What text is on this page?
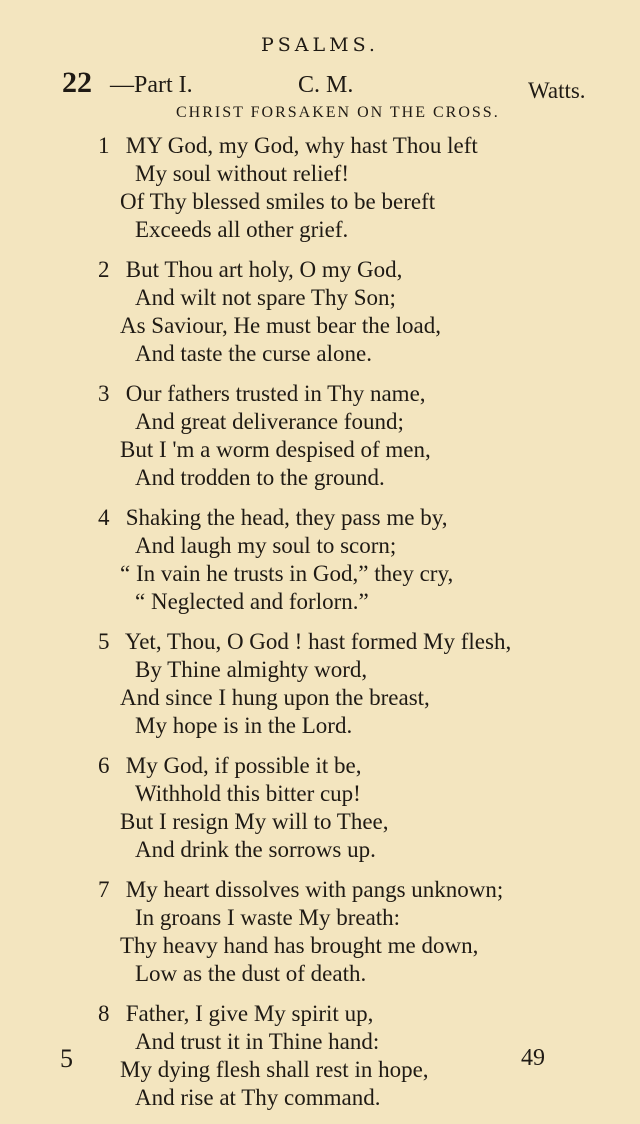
PSALMS.
22 —Part I.	C. M.	Watts.
CHRIST FORSAKEN ON THE CROSS.
1 MY God, my God, why hast Thou left
My soul without relief!
Of Thy blessed smiles to be bereft
Exceeds all other grief.
2 But Thou art holy, O my God,
And wilt not spare Thy Son;
As Saviour, He must bear the load,
And taste the curse alone.
3 Our fathers trusted in Thy name,
And great deliverance found;
But I 'm a worm despised of men,
And trodden to the ground.
4 Shaking the head, they pass me by,
And laugh my soul to scorn;
“ In vain he trusts in God,” they cry,
“ Neglected and forlorn.”
5 Yet, Thou, O God ! hast formed My flesh,
By Thine almighty word,
And since I hung upon the breast,
My hope is in the Lord.
6 My God, if possible it be,
Withhold this bitter cup!
But I resign My will to Thee,
And drink the sorrows up.
7 My heart dissolves with pangs unknown;
In groans I waste My breath:
Thy heavy hand has brought me down,
Low as the dust of death.
8 Father, I give My spirit up,
And trust it in Thine hand:
My dying flesh shall rest in hope,
And rise at Thy command.
5	49
